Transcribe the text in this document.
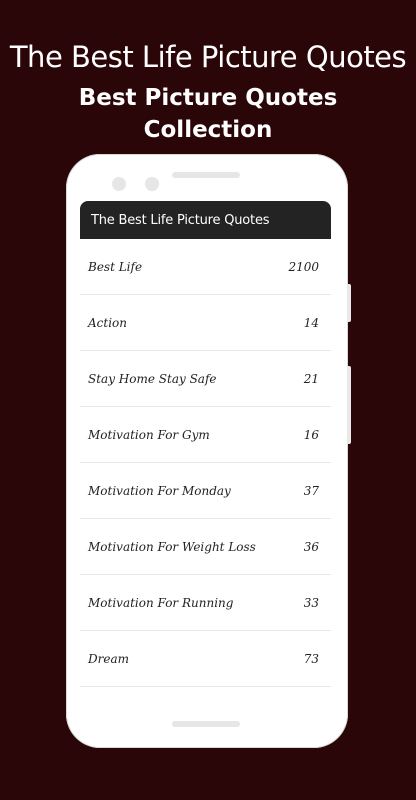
The Best Life Picture Quotes
Best Picture Quotes
Collection
The Best Life Picture Quotes
Best Life	2100
Action	14
Stay Home Stay Safe	21
Motivation For Gym	16
Motivation For Monday	37
Motivation For Weight Loss	36
Motivation For Running	33
Dream	73
